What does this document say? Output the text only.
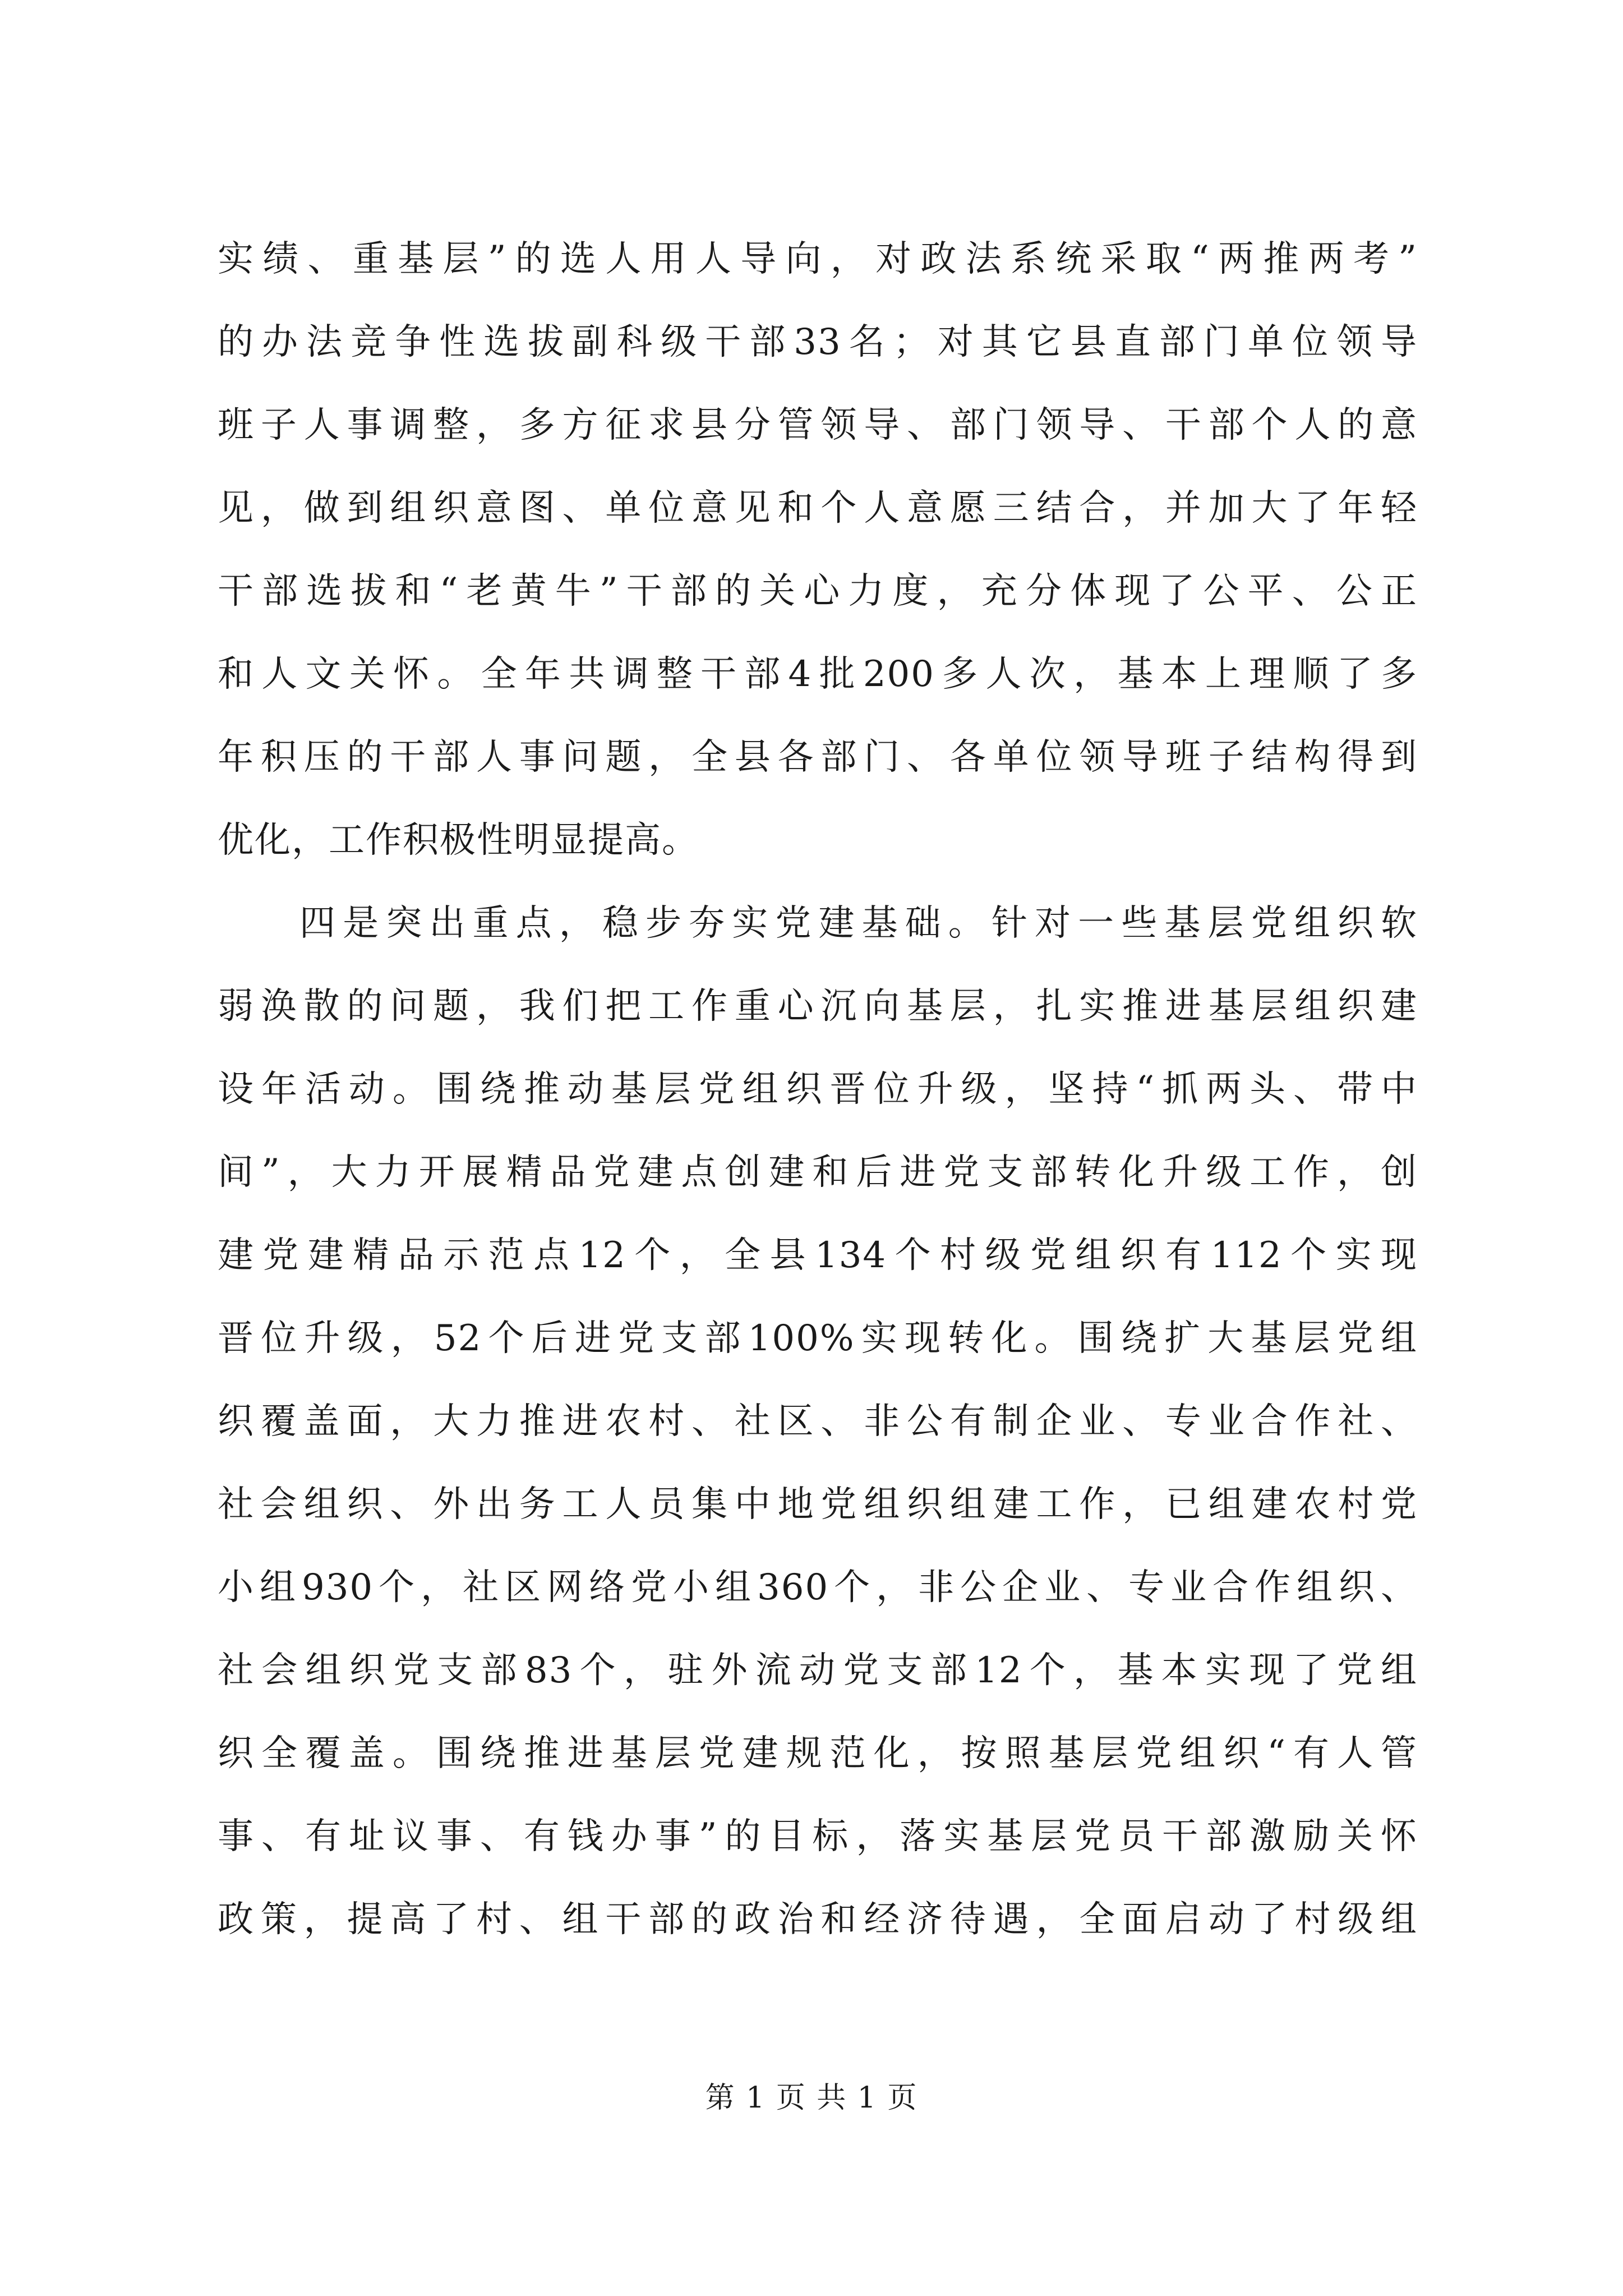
实绩、重基层”的选人用人导向，对政法系统采取“两推两考”
的办法竞争性选拔副科级干部33名；对其它县直部门单位领导
班子人事调整，多方征求县分管领导、部门领导、干部个人的意
见，做到组织意图、单位意见和个人意愿三结合，并加大了年轻
干部选拔和“老黄牛”干部的关心力度，充分体现了公平、公正
和人文关怀。全年共调整干部4批200多人次，基本上理顺了多
年积压的干部人事问题，全县各部门、各单位领导班子结构得到
优化，工作积极性明显提高。
四是突出重点，稳步夯实党建基础。针对一些基层党组织软
弱涣散的问题，我们把工作重心沉向基层，扎实推进基层组织建
设年活动。围绕推动基层党组织晋位升级，坚持“抓两头、带中
间”，大力开展精品党建点创建和后进党支部转化升级工作，创
建党建精品示范点12个，全县134个村级党组织有112个实现
晋位升级，52个后进党支部100%实现转化。围绕扩大基层党组
织覆盖面，大力推进农村、社区、非公有制企业、专业合作社、
社会组织、外出务工人员集中地党组织组建工作，已组建农村党
小组930个，社区网络党小组360个，非公企业、专业合作组织、
社会组织党支部83个，驻外流动党支部12个，基本实现了党组
织全覆盖。围绕推进基层党建规范化，按照基层党组织“有人管
事、有址议事、有钱办事”的目标，落实基层党员干部激励关怀
政策，提高了村、组干部的政治和经济待遇，全面启动了村级组
第 1 页 共 1 页
